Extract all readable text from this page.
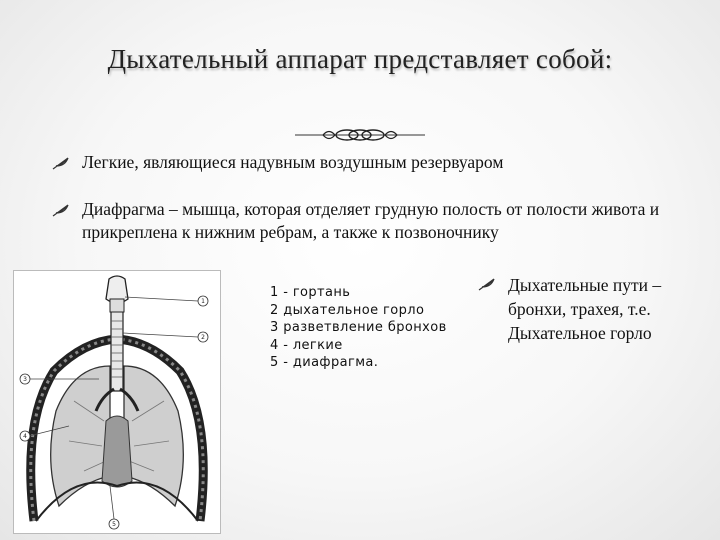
Дыхательный аппарат представляет собой:
Легкие, являющиеся надувным воздушным резервуаром
Диафрагма – мышца, которая отделяет грудную полость от полости живота и прикреплена к нижним ребрам, а также к позвоночнику
Дыхательные пути – бронхи, трахея, т.е. Дыхательное горло
1
2
3
4
5
1 - гортань
2 дыхательное горло
3 разветвление бронхов
4 - легкие
5 - диафрагма.
